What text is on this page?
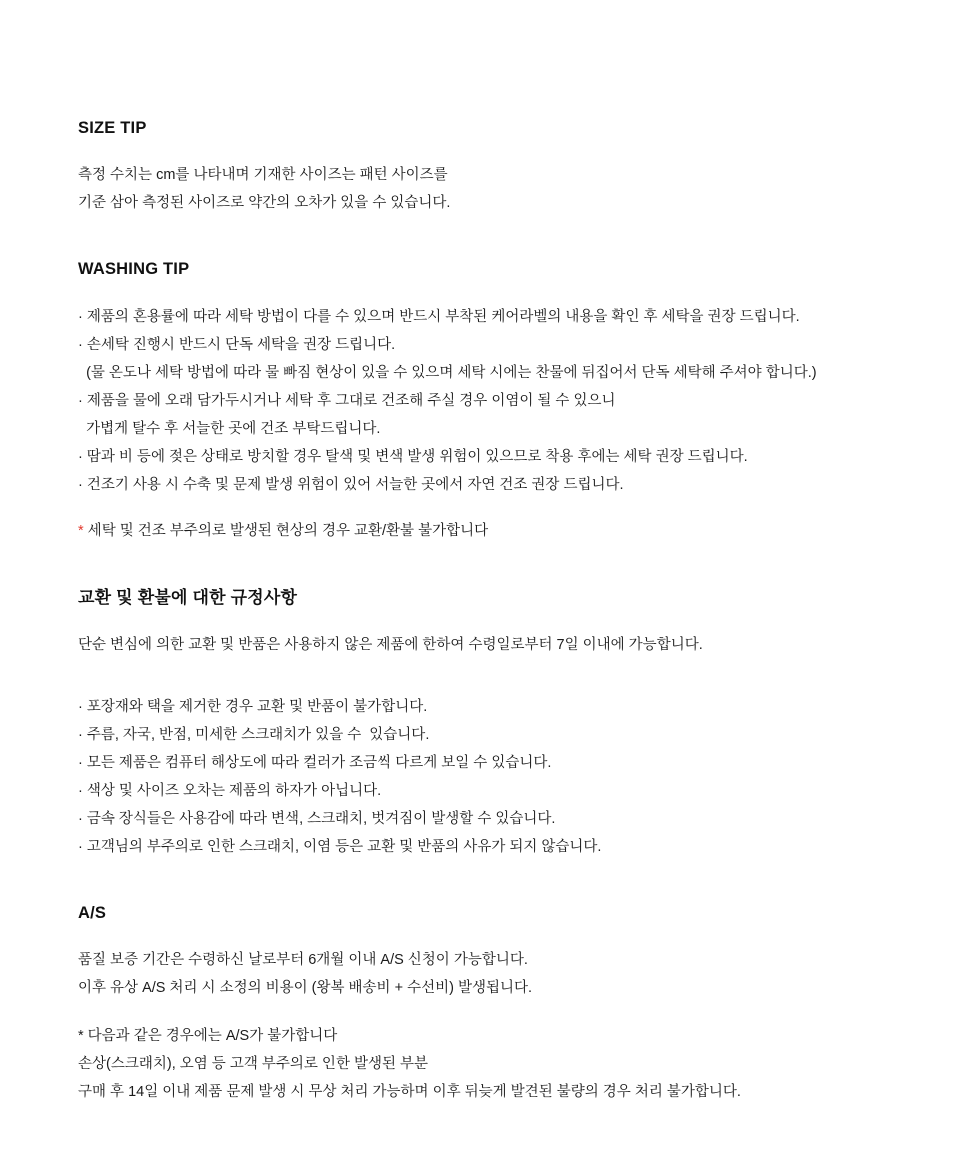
SIZE TIP

측정 수치는 cm를 나타내며 기재한 사이즈는 패턴 사이즈를

기준 삼아 측정된 사이즈로 약간의 오차가 있을 수 있습니다.

WASHING TIP
· 제품의 혼용률에 따라 세탁 방법이 다를 수 있으며 반드시 부착된 케어라벨의 내용을 확인 후 세탁을 권장 드립니다.
· 손세탁 진행시 반드시 단독 세탁을 권장 드립니다.
(물 온도나 세탁 방법에 따라 물 빠짐 현상이 있을 수 있으며 세탁 시에는 찬물에 뒤집어서 단독 세탁해 주셔야 합니다.)
· 제품을 물에 오래 담가두시거나 세탁 후 그대로 건조해 주실 경우 이염이 될 수 있으니
가볍게 탈수 후 서늘한 곳에 건조 부탁드립니다.
· 땀과 비 등에 젖은 상태로 방치할 경우 탈색 및 변색 발생 위험이 있으므로 착용 후에는 세탁 권장 드립니다.
· 건조기 사용 시 수축 및 문제 발생 위험이 있어 서늘한 곳에서 자연 건조 권장 드립니다.

* 세탁 및 건조 부주의로 발생된 현상의 경우 교환/환불 불가합니다

교환 및 환불에 대한 규정사항

단순 변심에 의한 교환 및 반품은 사용하지 않은 제품에 한하여 수령일로부터 7일 이내에 가능합니다.

· 포장재와 택을 제거한 경우 교환 및 반품이 불가합니다.
· 주름, 자국, 반점, 미세한 스크래치가 있을 수  있습니다.
· 모든 제품은 컴퓨터 해상도에 따라 컬러가 조금씩 다르게 보일 수 있습니다.
· 색상 및 사이즈 오차는 제품의 하자가 아닙니다.
· 금속 장식들은 사용감에 따라 변색, 스크래치, 벗겨짐이 발생할 수 있습니다.
· 고객님의 부주의로 인한 스크래치, 이염 등은 교환 및 반품의 사유가 되지 않습니다.
A/S

품질 보증 기간은 수령하신 날로부터 6개월 이내 A/S 신청이 가능합니다.

이후 유상 A/S 처리 시 소정의 비용이 (왕복 배송비 + 수선비) 발생됩니다.

* 다음과 같은 경우에는 A/S가 불가합니다

손상(스크래치), 오염 등 고객 부주의로 인한 발생된 부분

구매 후 14일 이내 제품 문제 발생 시 무상 처리 가능하며 이후 뒤늦게 발견된 불량의 경우 처리 불가합니다.
